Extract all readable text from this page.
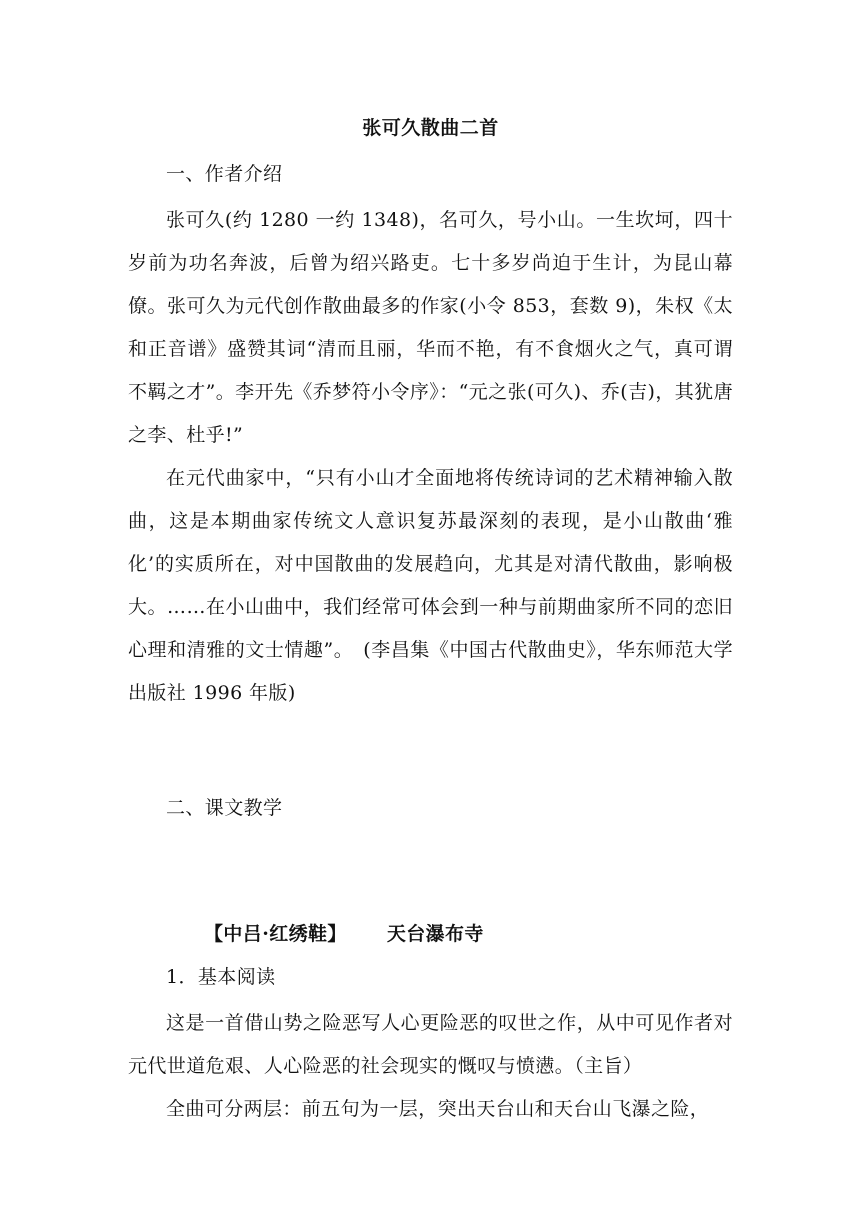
张可久散曲二首

一、作者介绍

张可久(约 1280 一约 1348)，名可久，号小山。一生坎坷，四十岁前为功名奔波，后曾为绍兴路吏。七十多岁尚迫于生计，为昆山幕僚。张可久为元代创作散曲最多的作家(小令 853，套数 9)，朱权《太和正音谱》盛赞其词“清而且丽，华而不艳，有不食烟火之气，真可谓不羁之才”。李开先《乔梦符小令序》：“元之张(可久)、乔(吉)，其犹唐之李、杜乎!”

在元代曲家中，“只有小山才全面地将传统诗词的艺术精神输入散曲，这是本期曲家传统文人意识复苏最深刻的表现，是小山散曲‘雅化’的实质所在，对中国散曲的发展趋向，尤其是对清代散曲，影响极大。……在小山曲中，我们经常可体会到一种与前期曲家所不同的恋旧心理和清雅的文士情趣”。　(李昌集《中国古代散曲史》，华东师范大学出版社 1996 年版)

二、课文教学

【中吕·红绣鞋】 天台瀑布寺

1．基本阅读

这是一首借山势之险恶写人心更险恶的叹世之作，从中可见作者对元代世道危艰、人心险恶的社会现实的慨叹与愤懑。（主旨）

全曲可分两层：前五句为一层，突出天台山和天台山飞瀑之险，
